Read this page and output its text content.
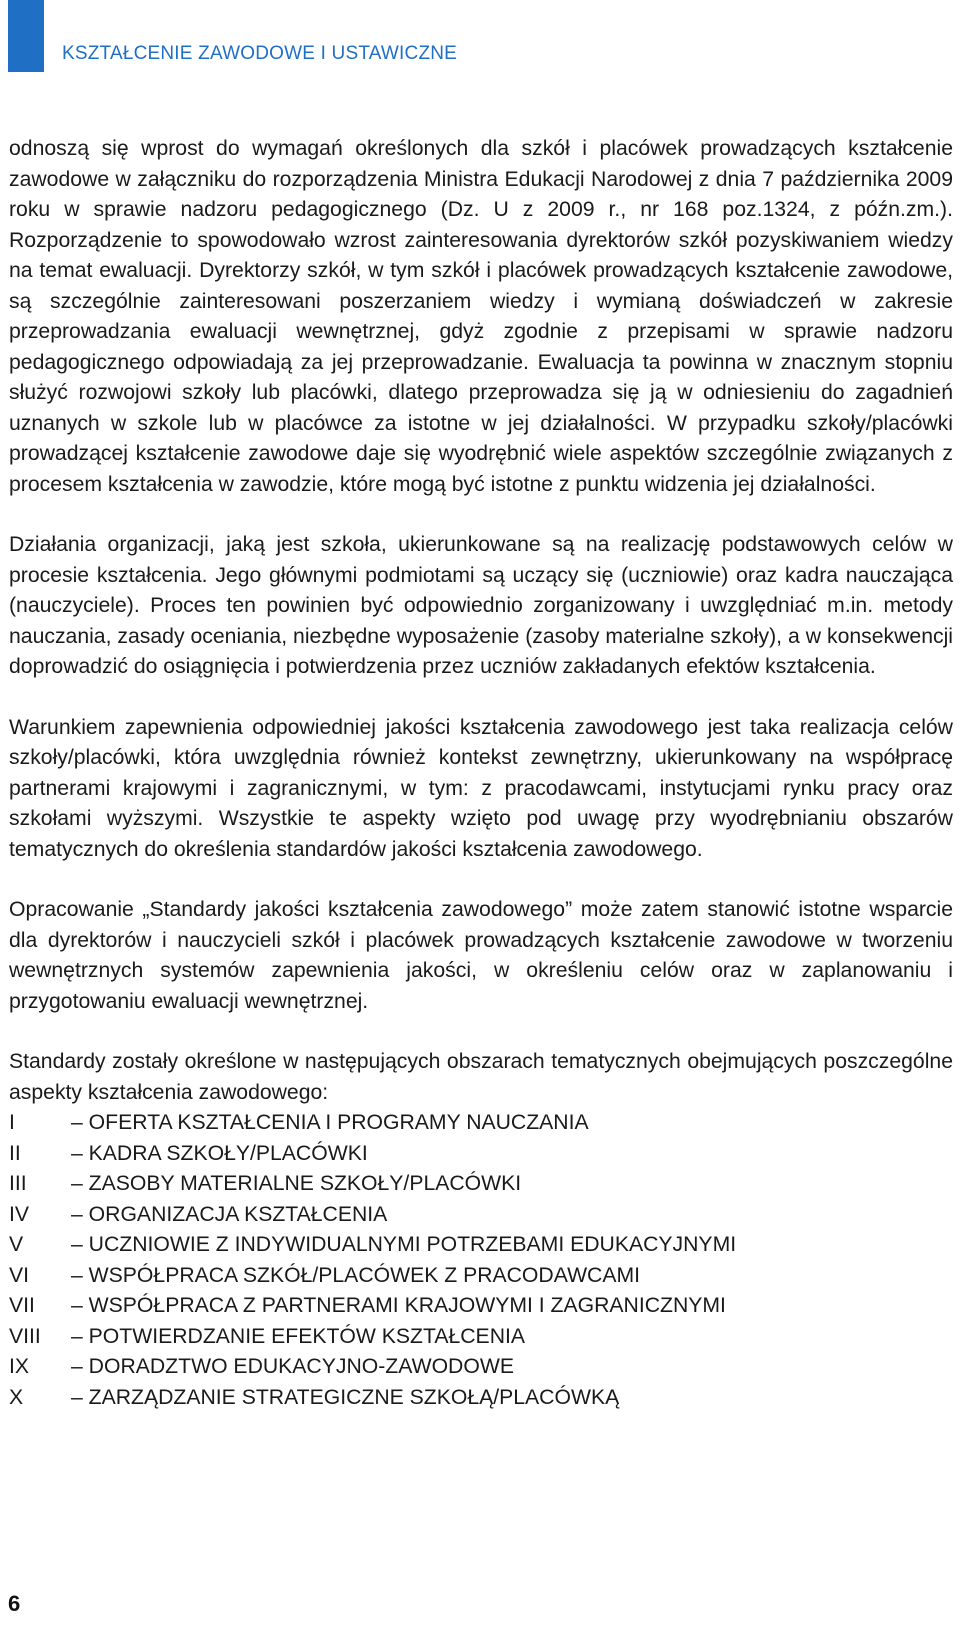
KSZTAŁCENIE ZAWODOWE I USTAWICZNE

odnoszą się wprost do wymagań określonych dla szkół i placówek prowadzących kształcenie zawodowe w załączniku do rozporządzenia Ministra Edukacji Narodowej z dnia 7 października 2009 roku w sprawie nadzoru pedagogicznego (Dz. U z 2009 r., nr 168 poz.1324, z późn.zm.). Rozporządzenie to spowodowało wzrost zainteresowania dyrektorów szkół pozyskiwaniem wiedzy na temat ewaluacji. Dyrektorzy szkół, w tym szkół i placówek prowadzących kształcenie zawodowe, są szczególnie zainteresowani poszerzaniem wiedzy i wymianą doświadczeń w zakresie przeprowadzania ewaluacji wewnętrznej, gdyż zgodnie z przepisami w sprawie nadzoru pedagogicznego odpowiadają za jej przeprowadzanie. Ewaluacja ta powinna w znacznym stopniu służyć rozwojowi szkoły lub placówki, dlatego przeprowadza się ją w odniesieniu do zagadnień uznanych w szkole lub w placówce za istotne w jej działalności. W przypadku szkoły/placówki prowadzącej kształcenie zawodowe daje się wyodrębnić wiele aspektów szczególnie związanych z procesem kształcenia w zawodzie, które mogą być istotne z punktu widzenia jej działalności.

Działania organizacji, jaką jest szkoła, ukierunkowane są na realizację podstawowych celów w procesie kształcenia. Jego głównymi podmiotami są uczący się (uczniowie) oraz kadra nauczająca (nauczyciele). Proces ten powinien być odpowiednio zorganizowany i uwzględniać m.in. metody nauczania, zasady oceniania, niezbędne wyposażenie (zasoby materialne szkoły), a w konsekwencji doprowadzić do osiągnięcia i potwierdzenia przez uczniów zakładanych efektów kształcenia.

Warunkiem zapewnienia odpowiedniej jakości kształcenia zawodowego jest taka realizacja celów szkoły/placówki, która uwzględnia również kontekst zewnętrzny, ukierunkowany na współpracę partnerami krajowymi i zagranicznymi, w tym: z pracodawcami, instytucjami rynku pracy oraz szkołami wyższymi. Wszystkie te aspekty wzięto pod uwagę przy wyodrębnianiu obszarów tematycznych do określenia standardów jakości kształcenia zawodowego.

Opracowanie „Standardy jakości kształcenia zawodowego” może zatem stanowić istotne wsparcie dla dyrektorów i nauczycieli szkół i placówek prowadzących kształcenie zawodowe w tworzeniu wewnętrznych systemów zapewnienia jakości, w określeniu celów oraz w zaplanowaniu i przygotowaniu ewaluacji wewnętrznej.

Standardy zostały określone w następujących obszarach tematycznych obejmujących poszczególne aspekty kształcenia zawodowego:

I	– OFERTA KSZTAŁCENIA I PROGRAMY NAUCZANIA
II	– KADRA SZKOŁY/PLACÓWKI
III	– ZASOBY MATERIALNE SZKOŁY/PLACÓWKI
IV	– ORGANIZACJA KSZTAŁCENIA
V	– UCZNIOWIE Z INDYWIDUALNYMI POTRZEBAMI EDUKACYJNYMI
VI	– WSPÓŁPRACA SZKÓŁ/PLACÓWEK Z PRACODAWCAMI
VII	– WSPÓŁPRACA Z PARTNERAMI KRAJOWYMI I ZAGRANICZNYMI
VIII	– POTWIERDZANIE EFEKTÓW KSZTAŁCENIA
IX	– DORADZTWO EDUKACYJNO-ZAWODOWE
X	– ZARZĄDZANIE STRATEGICZNE SZKOŁĄ/PLACÓWKĄ
6
